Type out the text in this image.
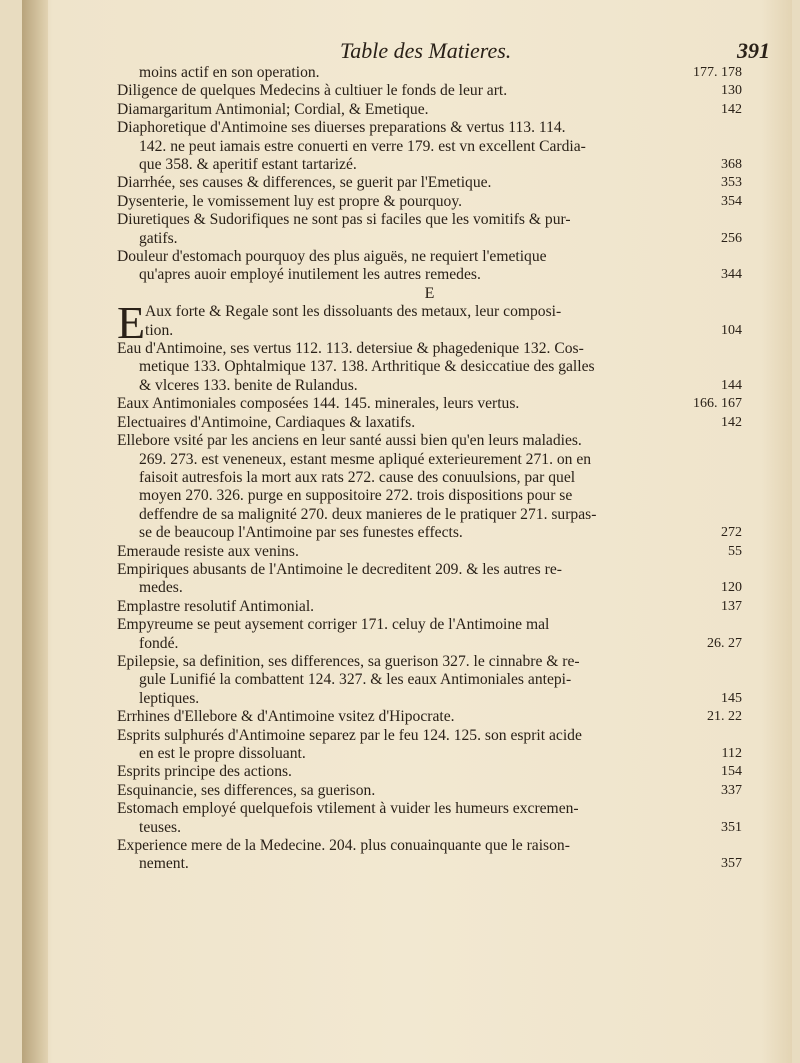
Table des Matieres.	391
moins actif en son operation.	177. 178
Diligence de quelques Medecins à cultiuer le fonds de leur art.	130
Diamargaritum Antimonial; Cordial, & Emetique.	142
Diaphoretique d'Antimoine ses diuerses preparations & vertus 113. 114.
142. ne peut iamais estre conuerti en verre 179. est vn excellent Cardia-
que 358. & aperitif estant tartarizé.	368
Diarrhée, ses causes & differences, se guerit par l'Emetique.	353
Dysenterie, le vomissement luy est propre & pourquoy.	354
Diuretiques & Sudorifiques ne sont pas si faciles que les vomitifs & pur-
gatifs.	256
Douleur d'estomach pourquoy des plus aiguës, ne requiert l'emetique
qu'apres auoir employé inutilement les autres remedes.	344
E
E Aux forte & Regale sont les dissoluants des metaux, leur composi-
tion.	104
Eau d'Antimoine, ses vertus 112. 113. detersiue & phagedenique 132. Cos-
metique 133. Ophtalmique 137. 138. Arthritique & desiccatiue des galles
& vlceres 133. benite de Rulandus.	144
Eaux Antimoniales composées 144. 145. minerales, leurs vertus.	166. 167
Electuaires d'Antimoine, Cardiaques & laxatifs.	142
Ellebore vsité par les anciens en leur santé aussi bien qu'en leurs maladies.
269. 273. est veneneux, estant mesme apliqué exterieurement 271. on en
faisoit autresfois la mort aux rats 272. cause des conuulsions, par quel
moyen 270. 326. purge en suppositoire 272. trois dispositions pour se
deffendre de sa malignité 270. deux manieres de le pratiquer 271. surpas-
se de beaucoup l'Antimoine par ses funestes effects.	272
Emeraude resiste aux venins.	55
Empiriques abusants de l'Antimoine le decreditent 209. & les autres re-
medes.	120
Emplastre resolutif Antimonial.	137
Empyreume se peut aysement corriger 171. celuy de l'Antimoine mal
fondé.	26. 27
Epilepsie, sa definition, ses differences, sa guerison 327. le cinnabre & re-
gule Lunifié la combattent 124. 327. & les eaux Antimoniales antepi-
leptiques.	145
Errhines d'Ellebore & d'Antimoine vsitez d'Hipocrate.	21. 22
Esprits sulphurés d'Antimoine separez par le feu 124. 125. son esprit acide
en est le propre dissoluant.	112
Esprits principe des actions.	154
Esquinancie, ses differences, sa guerison.	337
Estomach employé quelquefois vtilement à vuider les humeurs excremen-
teuses.	351
Experience mere de la Medecine. 204. plus conuainquante que le raison-
nement.	357
